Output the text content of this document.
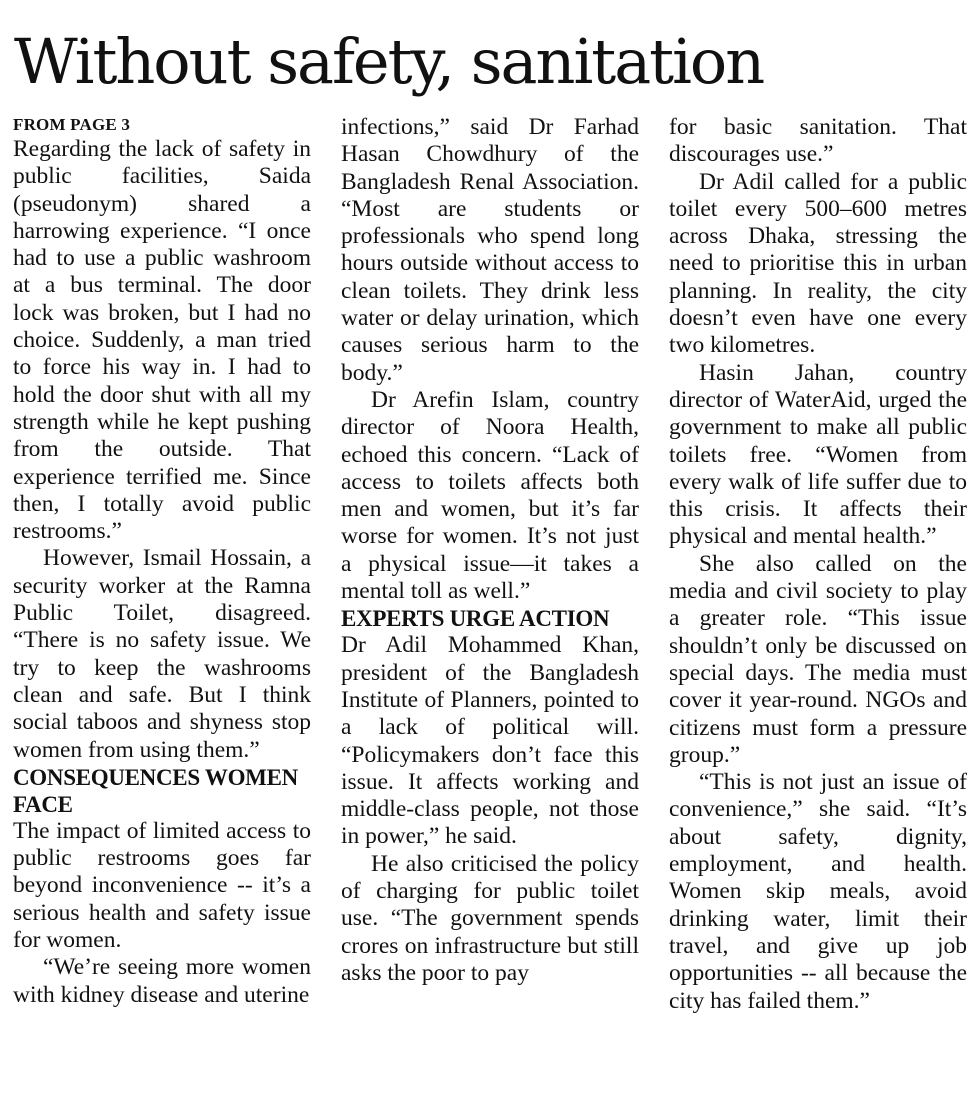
Without safety, sanitation
FROM PAGE 3

Regarding the lack of safety in public facilities, Saida (pseudonym) shared a harrowing experience. “I once had to use a public washroom at a bus terminal. The door lock was broken, but I had no choice. Suddenly, a man tried to force his way in. I had to hold the door shut with all my strength while he kept pushing from the outside. That experience terrified me. Since then, I totally avoid public restrooms.”

However, Ismail Hossain, a security worker at the Ramna Public Toilet, disagreed. “There is no safety issue. We try to keep the washrooms clean and safe. But I think social taboos and shyness stop women from using them.”

CONSEQUENCES WOMEN FACE

The impact of limited access to public restrooms goes far beyond inconvenience -- it’s a serious health and safety issue for women.

“We’re seeing more women with kidney disease and uterine

infections,” said Dr Farhad Hasan Chowdhury of the Bangladesh Renal Association. “Most are students or professionals who spend long hours outside without access to clean toilets. They drink less water or delay urination, which causes serious harm to the body.”

Dr Arefin Islam, country director of Noora Health, echoed this concern. “Lack of access to toilets affects both men and women, but it’s far worse for women. It’s not just a physical issue—it takes a mental toll as well.”

EXPERTS URGE ACTION

Dr Adil Mohammed Khan, president of the Bangladesh Institute of Planners, pointed to a lack of political will. “Policymakers don’t face this issue. It affects working and middle-class people, not those in power,” he said.

He also criticised the policy of charging for public toilet use. “The government spends crores on infrastructure but still asks the poor to pay

for basic sanitation. That discourages use.”

Dr Adil called for a public toilet every 500–600 metres across Dhaka, stressing the need to prioritise this in urban planning. In reality, the city doesn’t even have one every two kilometres.

Hasin Jahan, country director of WaterAid, urged the government to make all public toilets free. “Women from every walk of life suffer due to this crisis. It affects their physical and mental health.”

She also called on the media and civil society to play a greater role. “This issue shouldn’t only be discussed on special days. The media must cover it year-round. NGOs and citizens must form a pressure group.”

“This is not just an issue of convenience,” she said. “It’s about safety, dignity, employment, and health. Women skip meals, avoid drinking water, limit their travel, and give up job opportunities -- all because the city has failed them.”
